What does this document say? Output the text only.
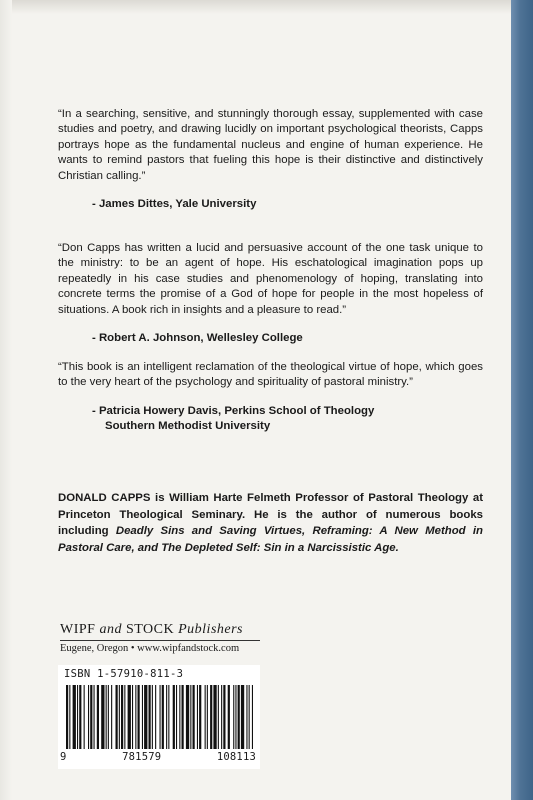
“In a searching, sensitive, and stunningly thorough essay, supplemented with case studies and poetry, and drawing lucidly on important psychological theorists, Capps portrays hope as the fundamental nucleus and engine of human experience. He wants to remind pastors that fueling this hope is their distinctive and distinctively Christian calling.”

- James Dittes, Yale University

“Don Capps has written a lucid and persuasive account of the one task unique to the ministry: to be an agent of hope. His eschatological imagination pops up repeatedly in his case studies and phenomenology of hoping, translating into concrete terms the promise of a God of hope for people in the most hopeless of situations. A book rich in insights and a pleasure to read.”

- Robert A. Johnson, Wellesley College

“This book is an intelligent reclamation of the theological virtue of hope, which goes to the very heart of the psychology and spirituality of pastoral ministry.”

- Patricia Howery Davis, Perkins School of Theology

Southern Methodist University

DONALD CAPPS is William Harte Felmeth Professor of Pastoral Theology at Princeton Theological Seminary. He is the author of numerous books including Deadly Sins and Saving Virtues, Reframing: A New Method in Pastoral Care, and The Depleted Self: Sin in a Narcissistic Age.

WIPF and STOCK Publishers
Eugene, Oregon • www.wipfandstock.com
ISBN 1-57910-811-3
9	781579	108113
